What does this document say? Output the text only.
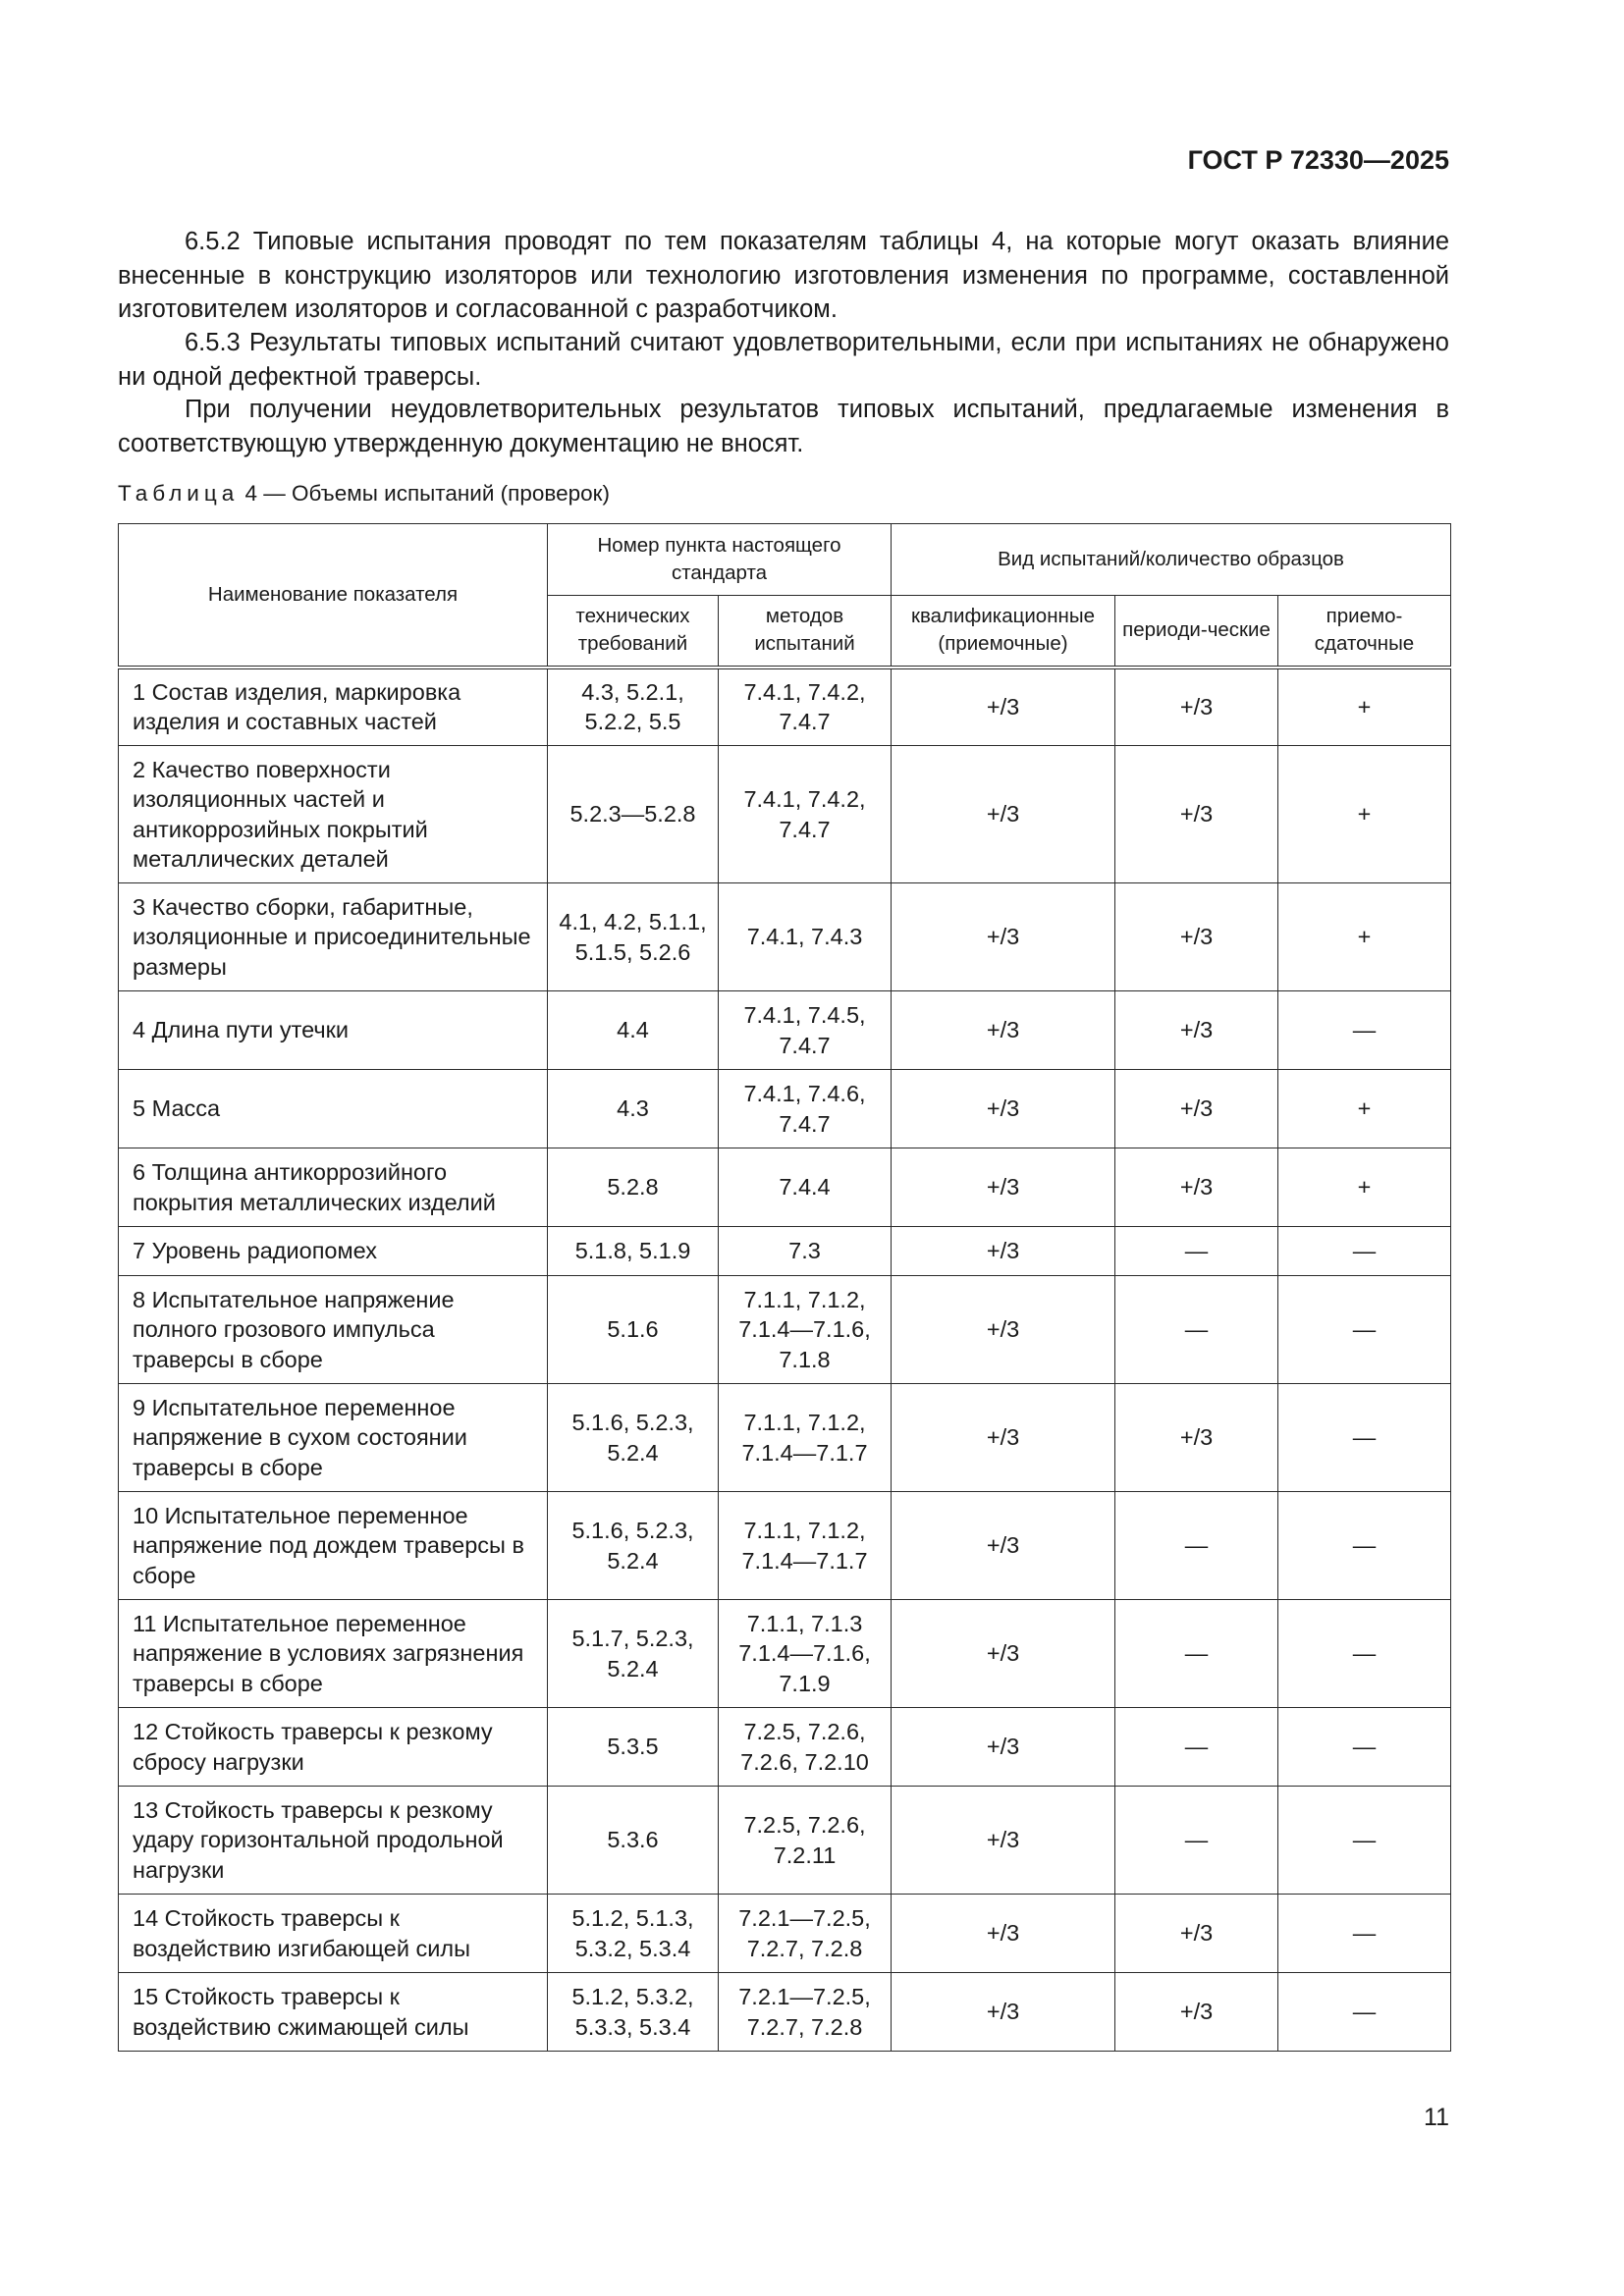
ГОСТ Р 72330—2025

6.5.2 Типовые испытания проводят по тем показателям таблицы 4, на которые могут оказать влияние внесенные в конструкцию изоляторов или технологию изготовления изменения по программе, составленной изготовителем изоляторов и согласованной с разработчиком.

6.5.3 Результаты типовых испытаний считают удовлетворительными, если при испытаниях не обнаружено ни одной дефектной траверсы.

При получении неудовлетворительных результатов типовых испытаний, предлагаемые изменения в соответствующую утвержденную документацию не вносят.

Таблица 4 — Объемы испытаний (проверок)
Наименование показателя	Номер пункта настоящего стандарта		Вид испытаний/количество образцов		
	технических требований	методов испытаний	квалификационные (приемочные)	периоди-ческие	приемо-сдаточные
1 Состав изделия, маркировка изделия и составных частей	4.3, 5.2.1, 5.2.2, 5.5	7.4.1, 7.4.2, 7.4.7	+/3	+/3	+
2 Качество поверхности изоляционных частей и антикоррозийных покрытий металлических деталей	5.2.3—5.2.8	7.4.1, 7.4.2, 7.4.7	+/3	+/3	+
3 Качество сборки, габаритные, изоляционные и присоединительные размеры	4.1, 4.2, 5.1.1, 5.1.5, 5.2.6	7.4.1, 7.4.3	+/3	+/3	+
4 Длина пути утечки	4.4	7.4.1, 7.4.5, 7.4.7	+/3	+/3	—
5 Масса	4.3	7.4.1, 7.4.6, 7.4.7	+/3	+/3	+
6 Толщина антикоррозийного покрытия металлических изделий	5.2.8	7.4.4	+/3	+/3	+
7 Уровень радиопомех	5.1.8, 5.1.9	7.3	+/3	—	—
8 Испытательное напряжение полного грозового импульса траверсы в сборе	5.1.6	7.1.1, 7.1.2, 7.1.4—7.1.6, 7.1.8	+/3	—	—
9 Испытательное переменное напряжение в сухом состоянии траверсы в сборе	5.1.6, 5.2.3, 5.2.4	7.1.1, 7.1.2, 7.1.4—7.1.7	+/3	+/3	—
10 Испытательное переменное напряжение под дождем траверсы в сборе	5.1.6, 5.2.3, 5.2.4	7.1.1, 7.1.2, 7.1.4—7.1.7	+/3	—	—
11 Испытательное переменное напряжение в условиях загрязнения траверсы в сборе	5.1.7, 5.2.3, 5.2.4	7.1.1, 7.1.3 7.1.4—7.1.6, 7.1.9	+/3	—	—
12 Стойкость траверсы к резкому сбросу нагрузки	5.3.5	7.2.5, 7.2.6, 7.2.6, 7.2.10	+/3	—	—
13 Стойкость траверсы к резкому удару горизонтальной продольной нагрузки	5.3.6	7.2.5, 7.2.6, 7.2.11	+/3	—	—
14 Стойкость траверсы к воздействию изгибающей силы	5.1.2, 5.1.3, 5.3.2, 5.3.4	7.2.1—7.2.5, 7.2.7, 7.2.8	+/3	+/3	—
15 Стойкость траверсы к воздействию сжимающей силы	5.1.2, 5.3.2, 5.3.3, 5.3.4	7.2.1—7.2.5, 7.2.7, 7.2.8	+/3	+/3	—
11
